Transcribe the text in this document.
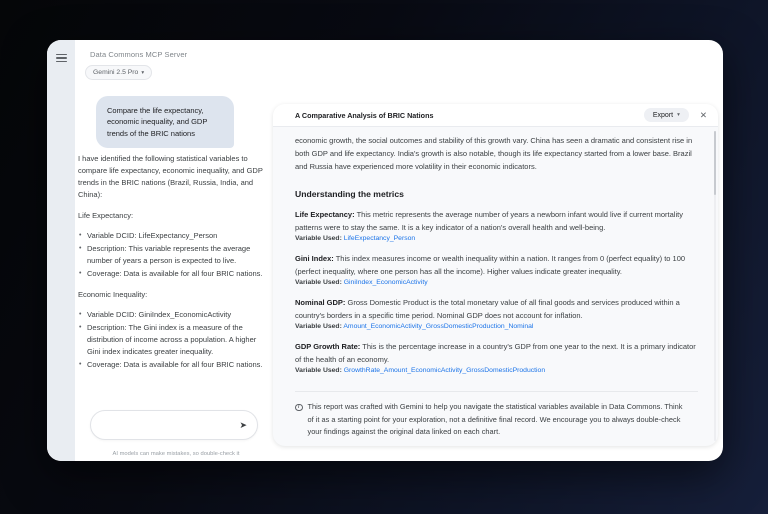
Data Commons MCP Server
Gemini 2.5 Pro ▾
Compare the life expectancy, economic inequality, and GDP trends of the BRIC nations

I have identified the following statistical variables to compare life expectancy, economic inequality, and GDP trends in the BRIC nations (Brazil, Russia, India, and China):

Life Expectancy:

• Variable DCID: LifeExpectancy_Person
• Description: This variable represents the average number of years a person is expected to live.
• Coverage: Data is available for all four BRIC nations.

Economic Inequality:

• Variable DCID: GiniIndex_EconomicActivity
• Description: The Gini index is a measure of the distribution of income across a population. A higher Gini index indicates greater inequality.
• Coverage: Data is available for all four BRIC nations.
➤
AI models can make mistakes, so double-check it
A Comparative Analysis of BRIC Nations	Export ▾ ✕

economic growth, the social outcomes and stability of this growth vary. China has seen a dramatic and consistent rise in both GDP and life expectancy. India's growth is also notable, though its life expectancy started from a lower base. Brazil and Russia have experienced more volatility in their economic indicators.

Understanding the metrics

Life Expectancy: This metric represents the average number of years a newborn infant would live if current mortality patterns were to stay the same. It is a key indicator of a nation's overall health and well-being.

Variable Used: LifeExpectancy_Person

Gini Index: This index measures income or wealth inequality within a nation. It ranges from 0 (perfect equality) to 100 (perfect inequality, where one person has all the income). Higher values indicate greater inequality.

Variable Used: GiniIndex_EconomicActivity

Nominal GDP: Gross Domestic Product is the total monetary value of all final goods and services produced within a country's borders in a specific time period. Nominal GDP does not account for inflation.

Variable Used: Amount_EconomicActivity_GrossDomesticProduction_Nominal

GDP Growth Rate: This is the percentage increase in a country's GDP from one year to the next. It is a primary indicator of the health of an economy.

Variable Used: GrowthRate_Amount_EconomicActivity_GrossDomesticProduction

i	This report was crafted with Gemini to help you navigate the statistical variables available in Data Commons. Think of it as a starting point for your exploration, not a definitive final record. We encourage you to always double-check your findings against the original data linked on each chart.
